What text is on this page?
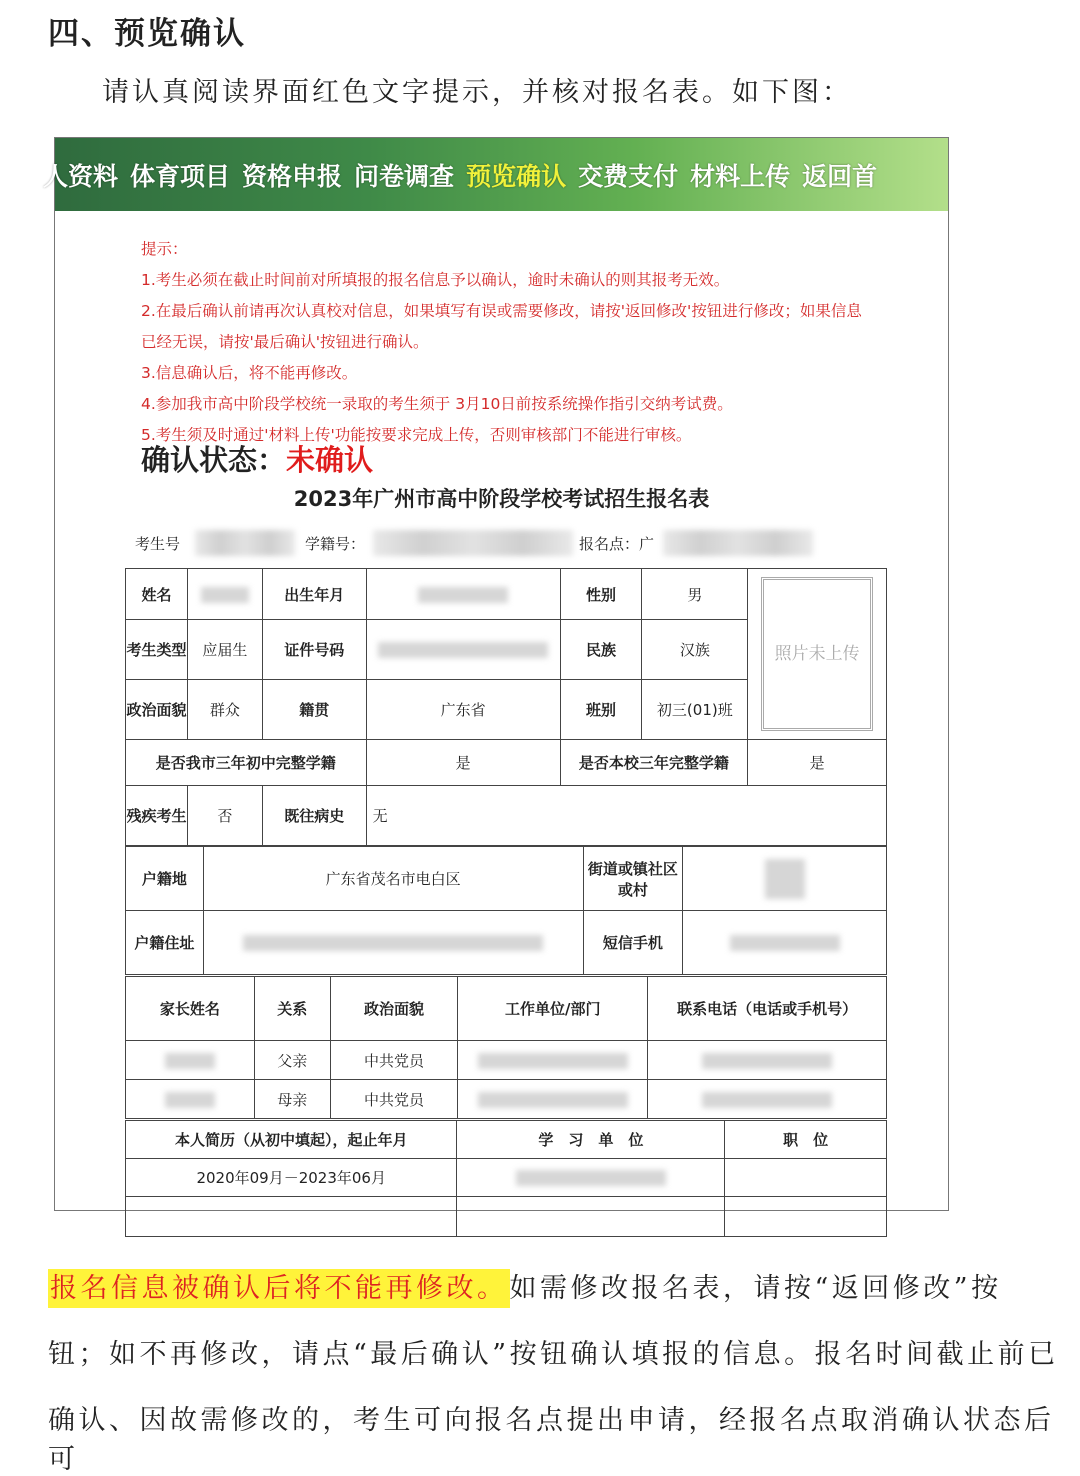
四、预览确认
请认真阅读界面红色文字提示，并核对报名表。如下图：
人资料 体育项目 资格申报 问卷调查 预览确认 交费支付 材料上传 返回首
提示：
1.考生必须在截止时间前对所填报的报名信息予以确认，逾时未确认的则其报考无效。
2.在最后确认前请再次认真校对信息，如果填写有误或需要修改，请按'返回修改'按钮进行修改；如果信息已经无误，请按'最后确认'按钮进行确认。
3.信息确认后，将不能再修改。
4.参加我市高中阶段学校统一录取的考生须于 3月10日前按系统操作指引交纳考试费。
5.考生须及时通过'材料上传'功能按要求完成上传，否则审核部门不能进行审核。
确认状态：未确认
2023年广州市高中阶段学校考试招生报名表
考生号	学籍号：	报名点：广
姓名		出生年月		性别	男	照片未上传

考生类型	应届生	证件号码		民族	汉族	
政治面貌	群众	籍贯	广东省	班别	初三(01)班	
是否我市三年初中完整学籍			是	是否本校三年完整学籍		是
残疾考生	否	既往病史	无			
户籍地	广东省茂名市电白区	街道或镇社区或村	
户籍住址		短信手机	
家长姓名	关系	政治面貌	工作单位/部门	联系电话（电话或手机号）
	父亲	中共党员		
	母亲	中共党员		
本人简历（从初中填起），起止年月	学　习　单　位	职　位
2020年09月－2023年06月		

报名信息被确认后将不能再修改。如需修改报名表，请按“返回修改”按
钮；如不再修改，请点“最后确认”按钮确认填报的信息。报名时间截止前已
确认、因故需修改的，考生可向报名点提出申请，经报名点取消确认状态后可
